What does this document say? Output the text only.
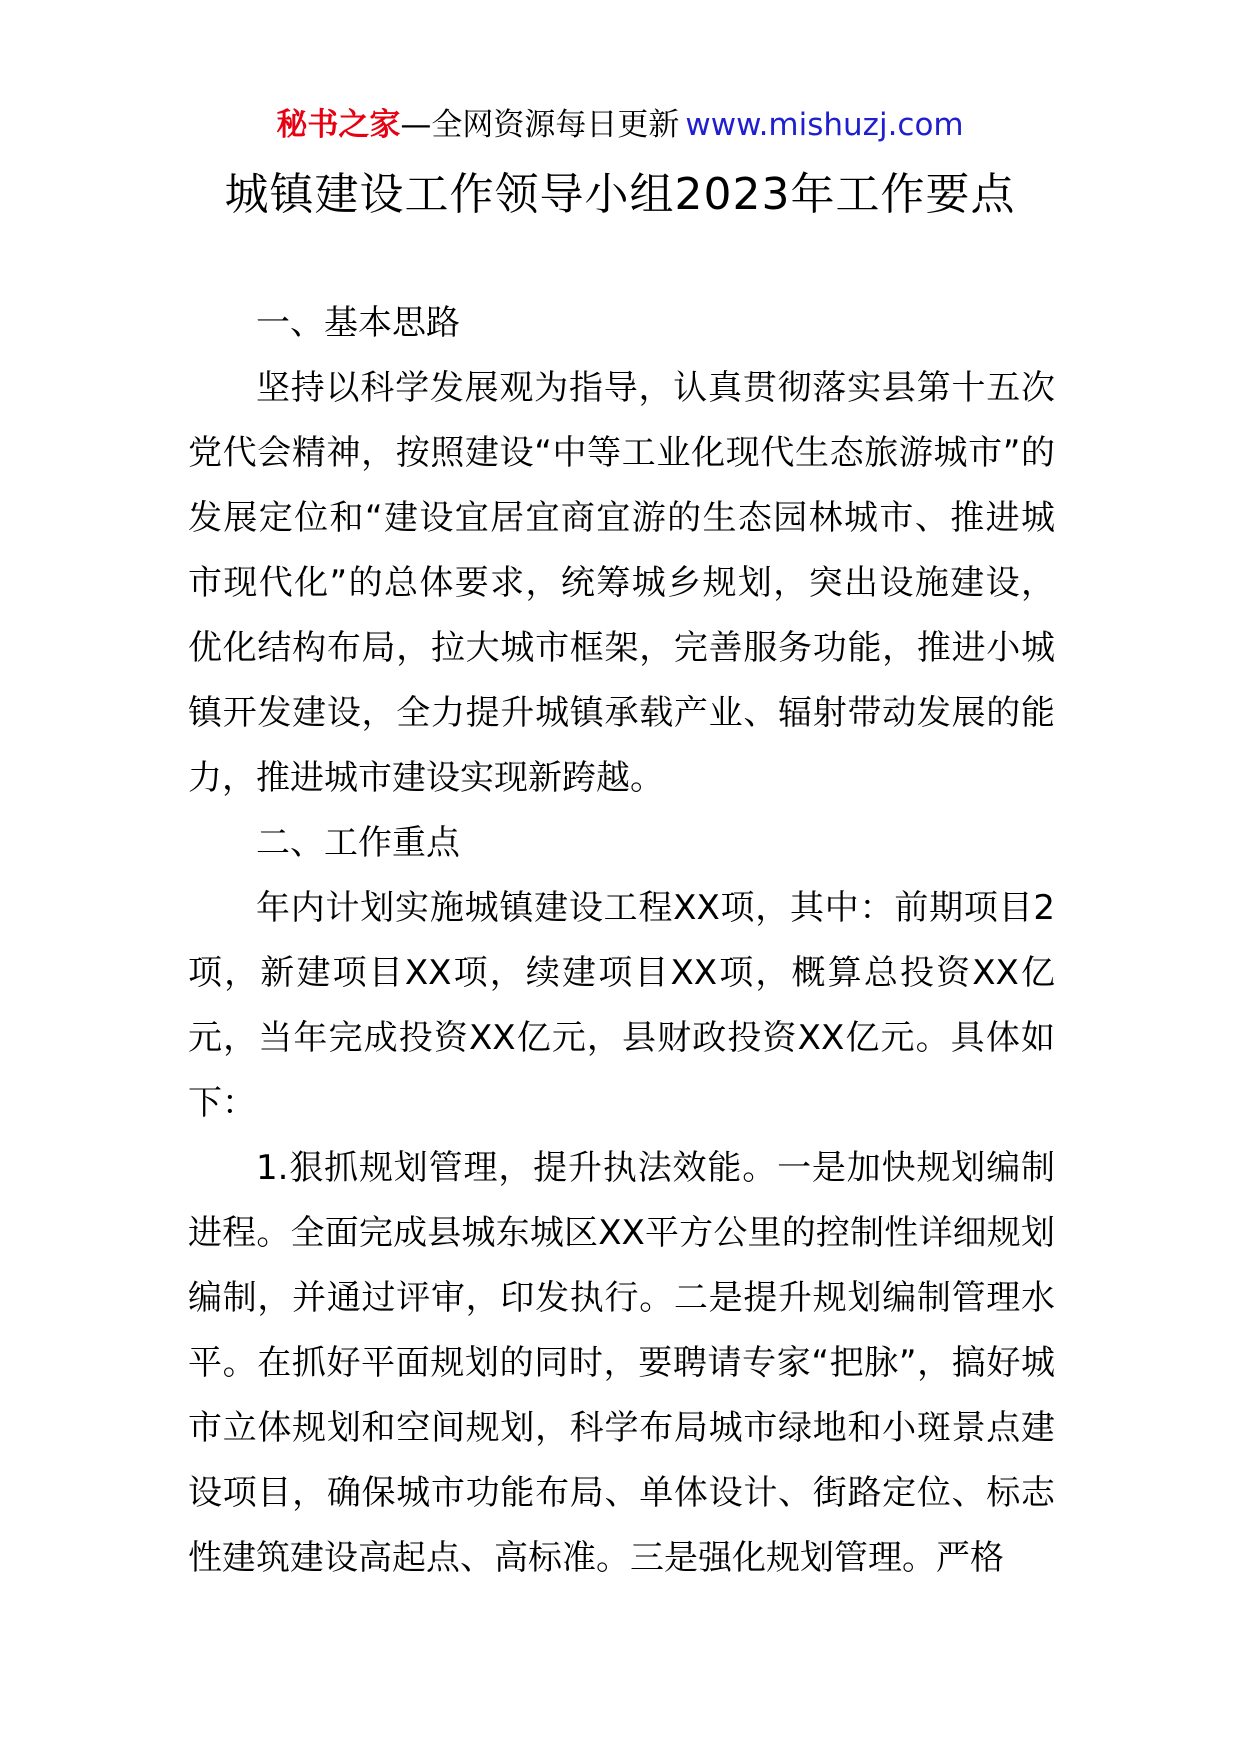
秘书之家—全网资源每日更新 www.mishuzj.com
城镇建设工作领导小组2023年工作要点

一、基本思路

坚持以科学发展观为指导，认真贯彻落实县第十五次党代会精神，按照建设“中等工业化现代生态旅游城市”的发展定位和“建设宜居宜商宜游的生态园林城市、推进城市现代化”的总体要求，统筹城乡规划，突出设施建设，优化结构布局，拉大城市框架，完善服务功能，推进小城镇开发建设，全力提升城镇承载产业、辐射带动发展的能力，推进城市建设实现新跨越。

二、工作重点

年内计划实施城镇建设工程XX项，其中：前期项目2项，新建项目XX项，续建项目XX项，概算总投资XX亿元，当年完成投资XX亿元，县财政投资XX亿元。具体如下：

1.狠抓规划管理，提升执法效能。一是加快规划编制进程。全面完成县城东城区XX平方公里的控制性详细规划编制，并通过评审，印发执行。二是提升规划编制管理水平。在抓好平面规划的同时，要聘请专家“把脉”，搞好城市立体规划和空间规划，科学布局城市绿地和小斑景点建设项目，确保城市功能布局、单体设计、街路定位、标志性建筑建设高起点、高标准。三是强化规划管理。严格
